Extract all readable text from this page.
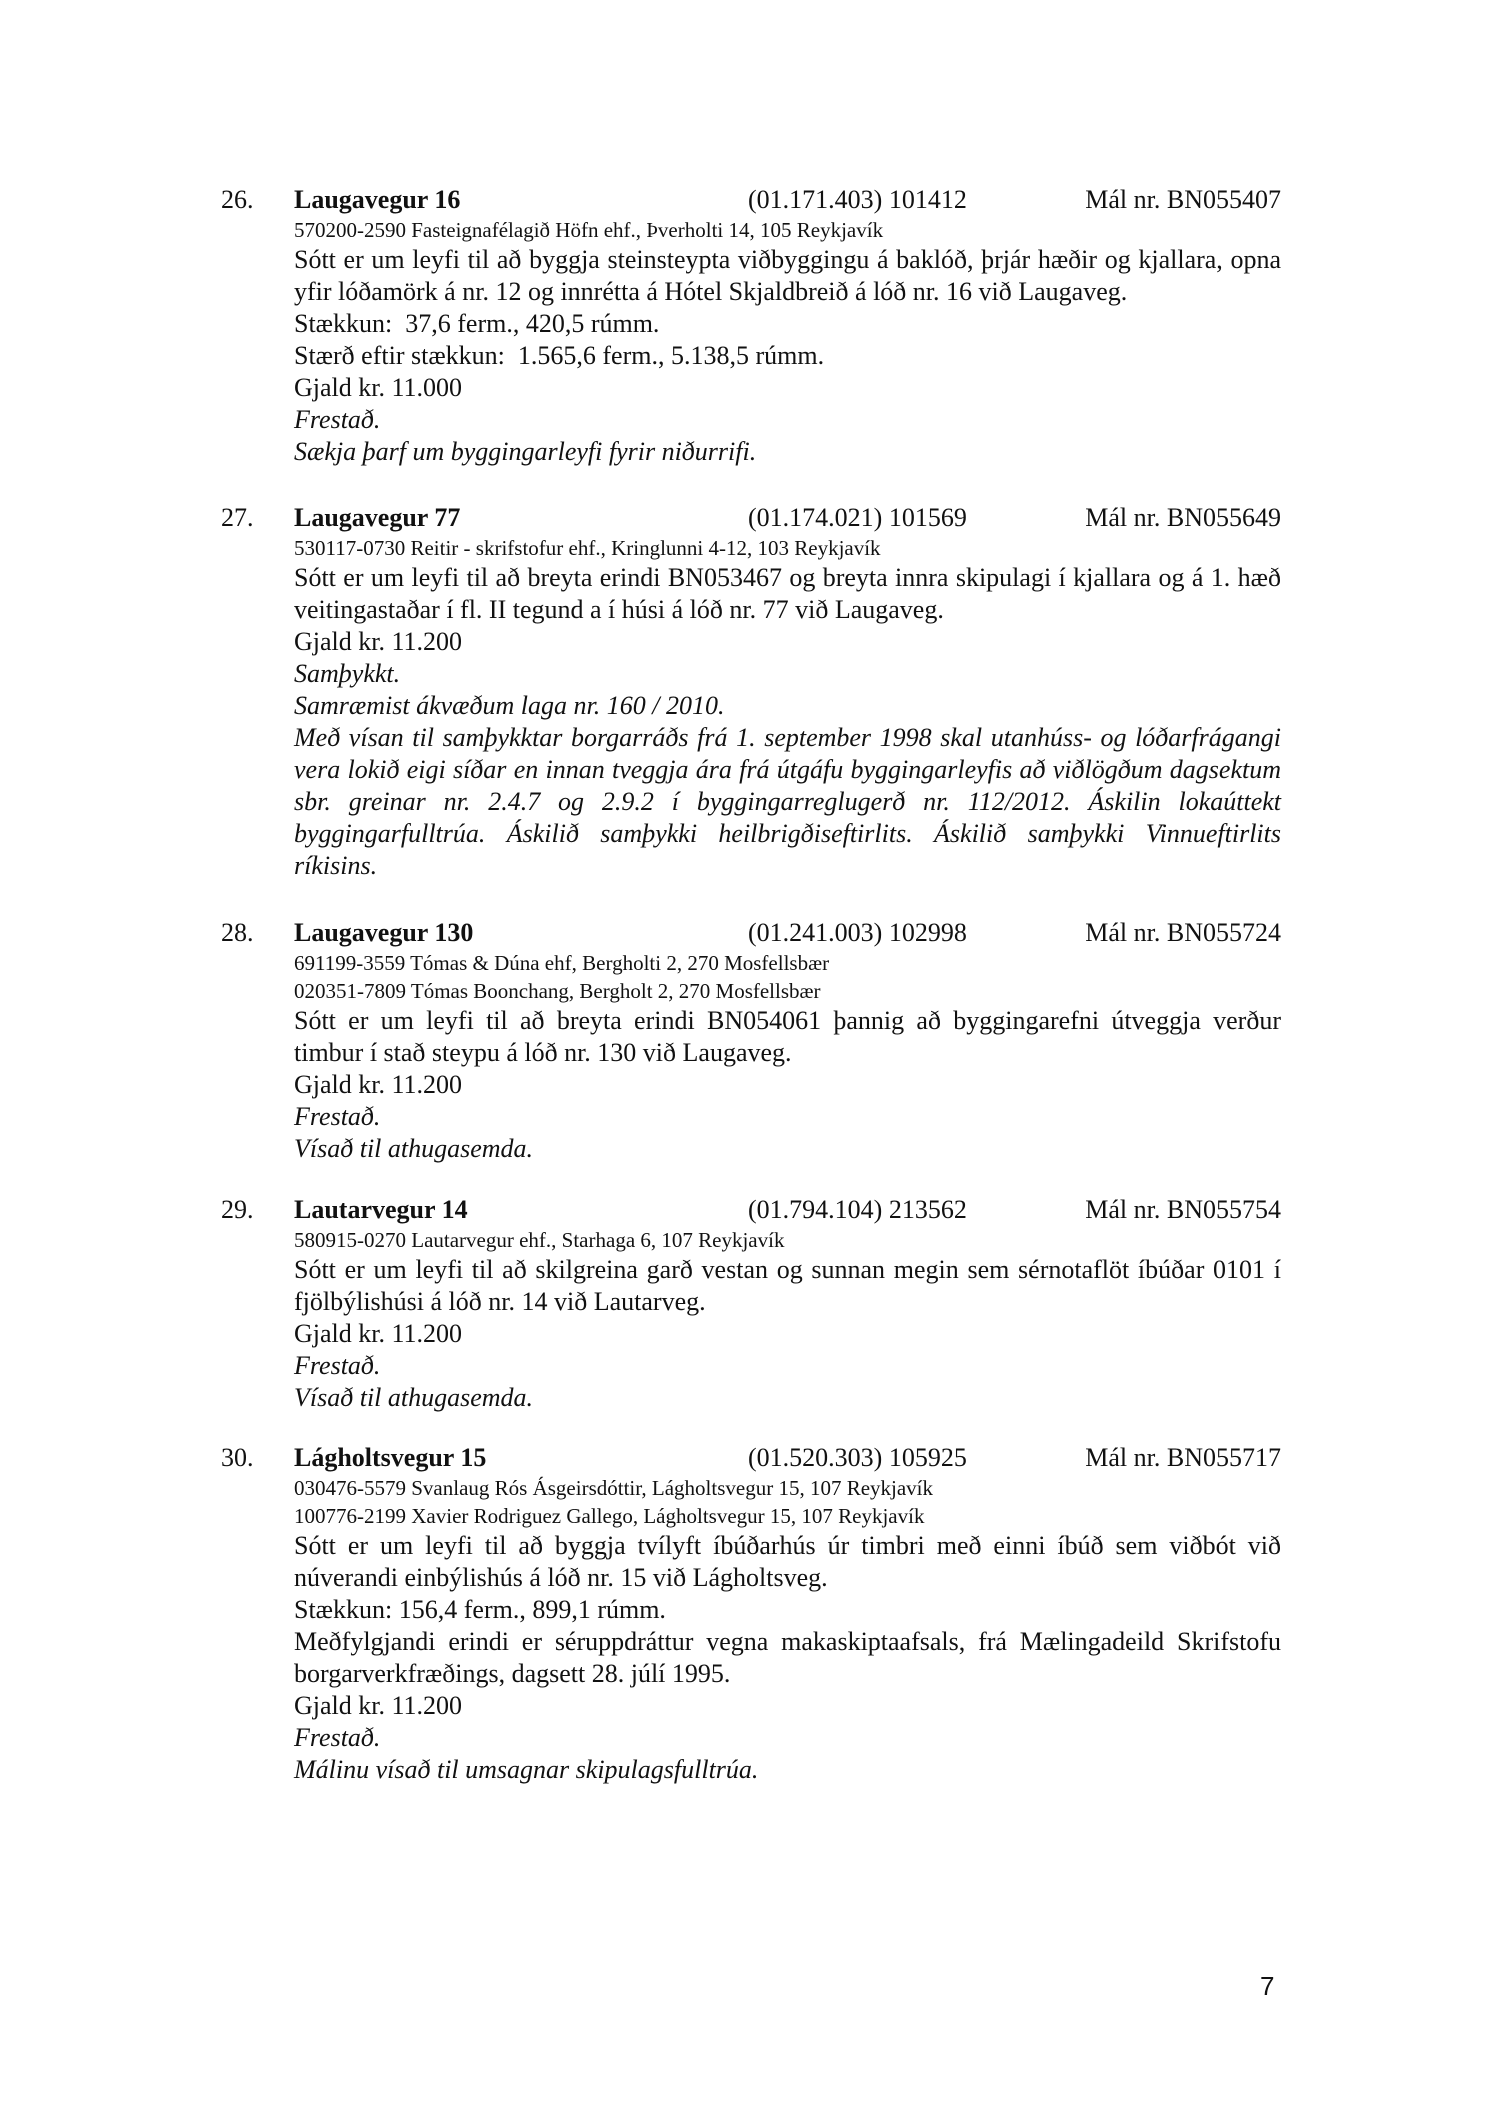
26. Laugavegur 16	(01.171.403) 101412	Mál nr. BN055407
570200-2590 Fasteignafélagið Höfn ehf., Þverholti 14, 105 Reykjavík

Sótt er um leyfi til að byggja steinsteypta viðbyggingu á baklóð, þrjár hæðir og kjallara, opna yfir lóðamörk á nr. 12 og innrétta á Hótel Skjaldbreið á lóð nr. 16 við Laugaveg.

Stækkun:  37,6 ferm., 420,5 rúmm.

Stærð eftir stækkun:  1.565,6 ferm., 5.138,5 rúmm.

Gjald kr. 11.000

Frestað.

Sækja þarf um byggingarleyfi fyrir niðurrifi.

27. Laugavegur 77	(01.174.021) 101569	Mál nr. BN055649
530117-0730 Reitir - skrifstofur ehf., Kringlunni 4-12, 103 Reykjavík

Sótt er um leyfi til að breyta erindi BN053467 og breyta innra skipulagi í kjallara og á 1. hæð veitingastaðar í fl. II tegund a í húsi á lóð nr. 77 við Laugaveg.

Gjald kr. 11.200

Samþykkt.

Samræmist ákvæðum laga nr. 160 / 2010.

Með vísan til samþykktar borgarráðs frá 1. september 1998 skal utanhúss- og lóðarfrágangi vera lokið eigi síðar en innan tveggja ára frá útgáfu byggingarleyfis að viðlögðum dagsektum sbr. greinar nr. 2.4.7 og 2.9.2 í byggingarreglugerð nr. 112/2012. Áskilin lokaúttekt byggingarfulltrúa. Áskilið samþykki heilbrigðiseftirlits. Áskilið samþykki Vinnueftirlits ríkisins.

28. Laugavegur 130	(01.241.003) 102998	Mál nr. BN055724
691199-3559 Tómas & Dúna ehf, Bergholti 2, 270 Mosfellsbær
020351-7809 Tómas Boonchang, Bergholt 2, 270 Mosfellsbær

Sótt er um leyfi til að breyta erindi BN054061 þannig að byggingarefni útveggja verður timbur í stað steypu á lóð nr. 130 við Laugaveg.

Gjald kr. 11.200

Frestað.

Vísað til athugasemda.

29. Lautarvegur 14	(01.794.104) 213562	Mál nr. BN055754
580915-0270 Lautarvegur ehf., Starhaga 6, 107 Reykjavík

Sótt er um leyfi til að skilgreina garð vestan og sunnan megin sem sérnotaflöt íbúðar 0101 í fjölbýlishúsi á lóð nr. 14 við Lautarveg.

Gjald kr. 11.200

Frestað.

Vísað til athugasemda.

30. Lágholtsvegur 15	(01.520.303) 105925	Mál nr. BN055717
030476-5579 Svanlaug Rós Ásgeirsdóttir, Lágholtsvegur 15, 107 Reykjavík
100776-2199 Xavier Rodriguez Gallego, Lágholtsvegur 15, 107 Reykjavík

Sótt er um leyfi til að byggja tvílyft íbúðarhús úr timbri með einni íbúð sem viðbót við núverandi einbýlishús á lóð nr. 15 við Lágholtsveg.

Stækkun: 156,4 ferm., 899,1 rúmm.

Meðfylgjandi erindi er séruppdráttur vegna makaskiptaafsals, frá Mælingadeild Skrifstofu borgarverkfræðings, dagsett 28. júlí 1995.

Gjald kr. 11.200

Frestað.

Málinu vísað til umsagnar skipulagsfulltrúa.

7
